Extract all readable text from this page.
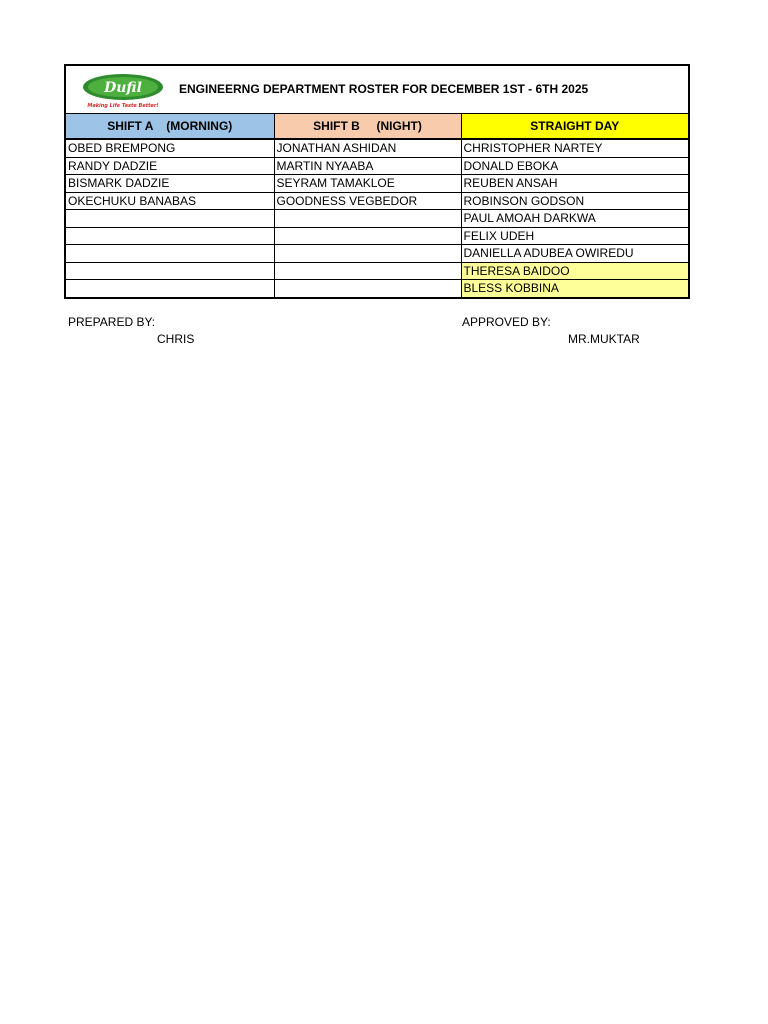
Dufil
Making Life Taste Better!
ENGINEERNG DEPARTMENT ROSTER FOR DECEMBER 1ST - 6TH 2025
SHIFT A    (MORNING)	SHIFT B     (NIGHT)	STRAIGHT DAY
OBED BREMPONG	JONATHAN ASHIDAN	CHRISTOPHER NARTEY
RANDY DADZIE	MARTIN NYAABA	DONALD EBOKA
BISMARK DADZIE	SEYRAM TAMAKLOE	REUBEN ANSAH
OKECHUKU BANABAS	GOODNESS VEGBEDOR	ROBINSON GODSON
		PAUL AMOAH DARKWA
		FELIX UDEH
		DANIELLA ADUBEA OWIREDU
		THERESA BAIDOO
		BLESS KOBBINA
PREPARED BY:
CHRIS
APPROVED BY:
MR.MUKTAR
